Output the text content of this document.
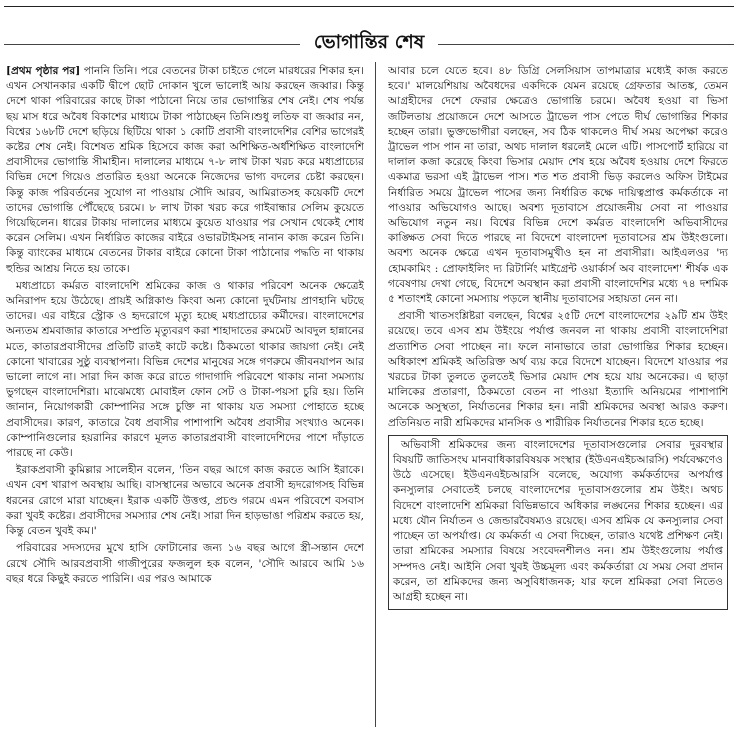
ভোগান্তির শেষ

[প্রথম পৃষ্ঠার পর] পাননি তিনি। পরে বেতনের টাকা চাইতে গেলে মারধরের শিকার হন। এখন সেখানকার একটি দ্বীপে ছোট দোকান খুলে ভালোই আয় করছেন জব্বার। কিন্তু দেশে থাকা পরিবারের কাছে টাকা পাঠানো নিয়ে তার ভোগান্তির শেষ নেই। শেষ পর্যন্ত ছয় মাস ধরে অবৈধ বিকাশের মাধ্যমে টাকা পাঠাচ্ছেন তিনি।শুধু লতিফ বা জব্বার নন, বিশ্বের ১৬৮টি দেশে ছড়িয়ে ছিটিয়ে থাকা ১ কোটি প্রবাসী বাংলাদেশির বেশির ভাগেরই কষ্টের শেষ নেই। বিশেষত শ্রমিক হিসেবে কাজ করা অশিক্ষিত-অর্ধশিক্ষিত বাংলাদেশি প্রবাসীদের ভোগান্তি সীমাহীন। দালালের মাধ্যমে ৭-৮ লাখ টাকা খরচ করে মধ্যপ্রাচ্যের বিভিন্ন দেশে গিয়েও প্রতারিত হওয়া অনেকে নিজেদের ভাগ্য বদলের চেষ্টা করছেন। কিন্তু কাজ পরিবর্তনের সুযোগ না পাওয়ায় সৌদি আরব, আমিরাতসহ কয়েকটি দেশে তাদের ভোগান্তি পৌঁছেছে চরমে। ৮ লাখ টাকা খরচ করে গাইবান্ধার সেলিম কুয়েতে গিয়েছিলেন। ধারের টাকায় দালালের মাধ্যমে কুয়েত যাওয়ার পর সেখান থেকেই শোধ করেন সেলিম। এখন নির্ধারিত কাজের বাইরে ওভারটাইমসহ নানান কাজ করেন তিনি। কিন্তু ব্যাংকের মাধ্যমে বেতনের টাকার বাইরে কোনো টাকা পাঠানোর পদ্ধতি না থাকায় হুন্ডির আশ্রয় নিতে হয় তাকে।

মধ্যপ্রাচ্যে কর্মরত বাংলাদেশি শ্রমিকের কাজ ও থাকার পরিবেশ অনেক ক্ষেত্রেই অনিরাপদ হয়ে উঠেছে। প্রায়ই অগ্নিকাণ্ড কিংবা অন্য কোনো দুর্ঘটনায় প্রাণহানি ঘটছে তাদের। এর বাইরে স্ট্রোক ও হৃদরোগে মৃত্যু হচ্ছে মধ্যপ্রাচ্যের কর্মীদের। বাংলাদেশের অন্যতম শ্রমবাজার কাতারে সম্প্রতি মৃত্যুবরণ করা শাহাদাতের রুমমেট আবদুল হান্নানের মতে, কাতারপ্রবাসীদের প্রতিটি রাতই কাটে কষ্টে। ঠিকমতো থাকার জায়গা নেই। নেই কোনো খাবারের সুষ্ঠু ব্যবস্থাপনা। বিভিন্ন দেশের মানুষের সঙ্গে গণরুমে জীবনযাপন আর ভালো লাগে না। সারা দিন কাজ করে রাতে গাদাগাদি পরিবেশে থাকায় নানা সমস্যায় ভুগছেন বাংলাদেশিরা। মাঝেমধ্যে মোবাইল ফোন সেট ও টাকা-পয়সা চুরি হয়। তিনি জানান, নিয়োগকারী কোম্পানির সঙ্গে চুক্তি না থাকায় যত সমস্যা পোহাতে হচ্ছে প্রবাসীদের। কারণ, কাতারে বৈধ প্রবাসীর পাশাপাশি অবৈধ প্রবাসীর সংখ্যাও অনেক। কোম্পানিগুলোর হয়রানির কারণে মূলত কাতারপ্রবাসী বাংলাদেশিদের পাশে দাঁড়াতে পারছে না কেউ।

ইরাকপ্রবাসী কুমিল্লার সালেহীন বলেন, 'তিন বছর আগে কাজ করতে আসি ইরাকে। এখন বেশ খারাপ অবস্থায় আছি। বাসস্থানের অভাবে অনেক প্রবাসী হৃদরোগসহ বিভিন্ন ধরনের রোগে মারা যাচ্ছেন। ইরাক একটি উত্তপ্ত, প্রচণ্ড গরমে এমন পরিবেশে বসবাস করা খুবই কষ্টের। প্রবাসীদের সমস্যার শেষ নেই। সারা দিন হাড়ভাঙা পরিশ্রম করতে হয়, কিন্তু বেতন খুবই কম।'

পরিবারের সদস্যদের মুখে হাসি ফোটানোর জন্য ১৬ বছর আগে স্ত্রী-সন্তান দেশে রেখে সৌদি আরবপ্রবাসী গাজীপুরের ফজলুল হক বলেন, 'সৌদি আরবে আমি ১৬ বছর ধরে কিছুই করতে পারিনি। এর পরও আমাকে

আবার চলে যেতে হবে। ৪৮ ডিগ্রি সেলসিয়াস তাপমাত্রার মধ্যেই কাজ করতে হবে।' মালয়েশিয়ায় অবৈধদের একদিকে যেমন রয়েছে গ্রেফতার আতঙ্ক, তেমন আগ্রহীদের দেশে ফেরার ক্ষেত্রেও ভোগান্তি চরমে। অবৈধ হওয়া বা ভিসা জটিলতায় প্রয়োজনে দেশে আসতে ট্রাভেল পাস পেতে দীর্ঘ ভোগান্তির শিকার হচ্ছেন তারা। ভুক্তভোগীরা বলছেন, সব ঠিক থাকলেও দীর্ঘ সময় অপেক্ষা করেও ট্রাভেল পাস পান না তারা, অথচ দালাল ধরলেই মেলে এটি। পাসপোর্ট হারিয়ে বা দালাল কজা করেছে কিংবা ভিসার মেয়াদ শেষ হয়ে অবৈধ হওয়ায় দেশে ফিরতে একমাত্র ভরসা এই ট্রাভেল পাস। শত শত প্রবাসী ভিড় করলেও অফিস টাইমের নির্ধারিত সময়ে ট্রাভেল পাসের জন্য নির্ধারিত কক্ষে দায়িত্বপ্রাপ্ত কর্মকর্তাকে না পাওয়ার অভিযোগও আছে। অবশ্য দূতাবাসে প্রয়োজনীয় সেবা না পাওয়ার অভিযোগ নতুন নয়। বিশ্বের বিভিন্ন দেশে কর্মরত বাংলাদেশি অভিবাসীদের কাঙ্ক্ষিত সেবা দিতে পারছে না বিদেশে বাংলাদেশ দূতাবাসের শ্রম উইংগুলো। অবশ্য অনেক ক্ষেত্রে এখন দূতাবাসমুখীও হন না প্রবাসীরা। আইএলওর 'দ্য হোমকামিং : প্রোফাইলিং দ্য রিটার্নিং মাইগ্রেন্ট ওয়ার্কার্স অব বাংলাদেশ' শীর্ষক এক গবেষণায় দেখা গেছে, বিদেশে অবস্থান করা প্রবাসী বাংলাদেশির মধ্যে ৭৪ দশমিক ৫ শতাংশই কোনো সমস্যায় পড়লে স্থানীয় দূতাবাসের সহায়তা নেন না।

প্রবাসী খাতসংশ্লিষ্টরা বলছেন, বিশ্বের ২৫টি দেশে বাংলাদেশের ২৯টি শ্রম উইং রয়েছে। তবে এসব শ্রম উইংয়ে পর্যাপ্ত জনবল না থাকায় প্রবাসী বাংলাদেশিরা প্রত্যাশিত সেবা পাচ্ছেন না। ফলে নানাভাবে তারা ভোগান্তির শিকার হচ্ছেন। অধিকাংশ শ্রমিকই অতিরিক্ত অর্থ ব্যয় করে বিদেশে যাচ্ছেন। বিদেশে যাওয়ার পর খরচের টাকা তুলতে তুলতেই ভিসার মেয়াদ শেষ হয়ে যায় অনেকের। এ ছাড়া মালিকের প্রতারণা, ঠিকমতো বেতন না পাওয়া ইত্যাদি অনিয়মের পাশাপাশি অনেকে অসুস্থতা, নির্যাতনের শিকার হন। নারী শ্রমিকদের অবস্থা আরও করুণ। প্রতিনিয়ত নারী শ্রমিকদের মানসিক ও শারীরিক নির্যাতনের শিকার হতে হচ্ছে।

অভিবাসী শ্রমিকদের জন্য বাংলাদেশের দূতাবাসগুলোর সেবার দুরবস্থার বিষয়টি জাতিসংঘ মানবাধিকারবিষয়ক সংস্থার (ইউএনএইচআরসি) পর্যবেক্ষণেও উঠে এসেছে। ইউএনএইচআরসি বলেছে, অযোগ্য কর্মকর্তাদের অপর্যাপ্ত কনস্যুলার সেবাতেই চলছে বাংলাদেশের দূতাবাসগুলোর শ্রম উইং। অথচ বিদেশে বাংলাদেশি শ্রমিকরা বিভিন্নভাবে অধিকার লঙ্ঘনের শিকার হচ্ছেন। এর মধ্যে যৌন নির্যাতন ও জেন্ডারবৈষম্যও রয়েছে। এসব শ্রমিক যে কনস্যুলার সেবা পাচ্ছেন তা অপর্যাপ্ত। যে কর্মকর্তা এ সেবা দিচ্ছেন, তারাও যথেষ্ট প্রশিক্ষণ নেই। তারা শ্রমিকের সমস্যার বিষয়ে সংবেদনশীলও নন। শ্রম উইংগুলোয় পর্যাপ্ত সম্পদও নেই। আইনি সেবা খুবই উচ্চমূল্য এবং কর্মকর্তারা যে সময় সেবা প্রদান করেন, তা শ্রমিকদের জন্য অসুবিধাজনক; যার ফলে শ্রমিকরা সেবা নিতেও আগ্রহী হচ্ছেন না।
